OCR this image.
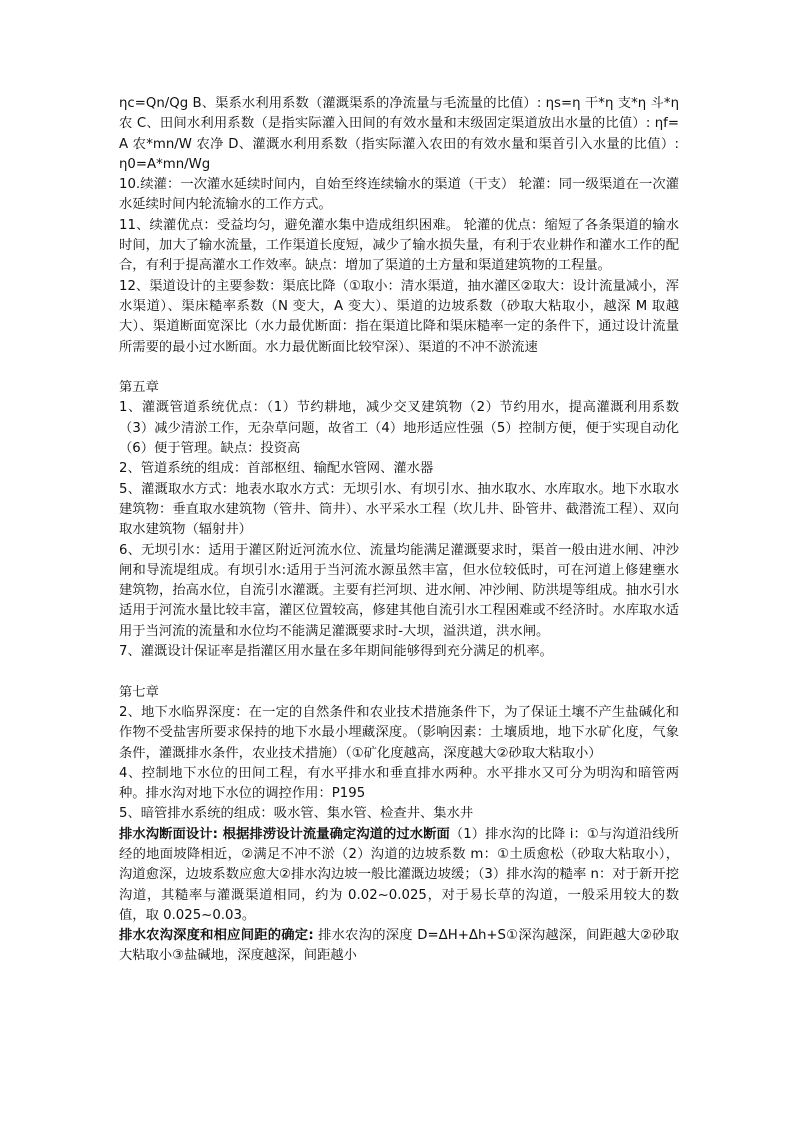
ηc=Qn/Qg B、渠系水利用系数（灌溉渠系的净流量与毛流量的比值）: ηs=η 干*η 支*η 斗*η 农 C、田间水利用系数（是指实际灌入田间的有效水量和末级固定渠道放出水量的比值）: ηf=A 农*mn/W 农净 D、灌溉水利用系数（指实际灌入农田的有效水量和渠首引入水量的比值）: η0=A*mn/Wg

10.续灌：一次灌水延续时间内，自始至终连续输水的渠道（干支） 轮灌：同一级渠道在一次灌水延续时间内轮流输水的工作方式。

11、续灌优点：受益均匀，避免灌水集中造成组织困难。 轮灌的优点：缩短了各条渠道的输水时间，加大了输水流量，工作渠道长度短，减少了输水损失量，有利于农业耕作和灌水工作的配合，有利于提高灌水工作效率。缺点：增加了渠道的土方量和渠道建筑物的工程量。

12、渠道设计的主要参数：渠底比降（①取小：清水渠道，抽水灌区②取大：设计流量减小，浑水渠道）、渠床糙率系数（N 变大，A 变大）、渠道的边坡系数（砂取大粘取小，越深 M 取越大）、渠道断面宽深比（水力最优断面：指在渠道比降和渠床糙率一定的条件下，通过设计流量所需要的最小过水断面。水力最优断面比较窄深）、渠道的不冲不淤流速

第五章

1、灌溉管道系统优点：（1）节约耕地，减少交叉建筑物（2）节约用水，提高灌溉利用系数（3）减少清淤工作，无杂草问题，故省工（4）地形适应性强（5）控制方便，便于实现自动化（6）便于管理。缺点：投资高

2、管道系统的组成：首部枢纽、输配水管网、灌水器

5、灌溉取水方式：地表水取水方式：无坝引水、有坝引水、抽水取水、水库取水。地下水取水建筑物：垂直取水建筑物（管井、筒井）、水平采水工程（坎儿井、卧管井、截潜流工程）、双向取水建筑物（辐射井）

6、无坝引水：适用于灌区附近河流水位、流量均能满足灌溉要求时，渠首一般由进水闸、冲沙闸和导流堤组成。有坝引水:适用于当河流水源虽然丰富，但水位较低时，可在河道上修建壅水建筑物，抬高水位，自流引水灌溉。主要有拦河坝、进水闸、冲沙闸、防洪堤等组成。抽水引水适用于河流水量比较丰富，灌区位置较高，修建其他自流引水工程困难或不经济时。水库取水适用于当河流的流量和水位均不能满足灌溉要求时-大坝，溢洪道，洪水闸。

7、灌溉设计保证率是指灌区用水量在多年期间能够得到充分满足的机率。

第七章

2、地下水临界深度：在一定的自然条件和农业技术措施条件下，为了保证土壤不产生盐碱化和作物不受盐害所要求保持的地下水最小埋藏深度。（影响因素：土壤质地，地下水矿化度，气象条件，灌溉排水条件，农业技术措施）（①矿化度越高，深度越大②砂取大粘取小）

4、控制地下水位的田间工程，有水平排水和垂直排水两种。水平排水又可分为明沟和暗管两种。排水沟对地下水位的调控作用：P195

5、暗管排水系统的组成：吸水管、集水管、检查井、集水井

排水沟断面设计: 根据排涝设计流量确定沟道的过水断面（1）排水沟的比降 i：①与沟道沿线所经的地面坡降相近，②满足不冲不淤（2）沟道的边坡系数 m：①土质愈松（砂取大粘取小），沟道愈深，边坡系数应愈大②排水沟边坡一般比灌溉边坡缓；（3）排水沟的糙率 n：对于新开挖沟道，其糙率与灌溉渠道相同，约为 0.02~0.025，对于易长草的沟道，一般采用较大的数值，取 0.025~0.03。

排水农沟深度和相应间距的确定: 排水农沟的深度 D=ΔH+Δh+S①深沟越深，间距越大②砂取大粘取小③盐碱地，深度越深，间距越小
